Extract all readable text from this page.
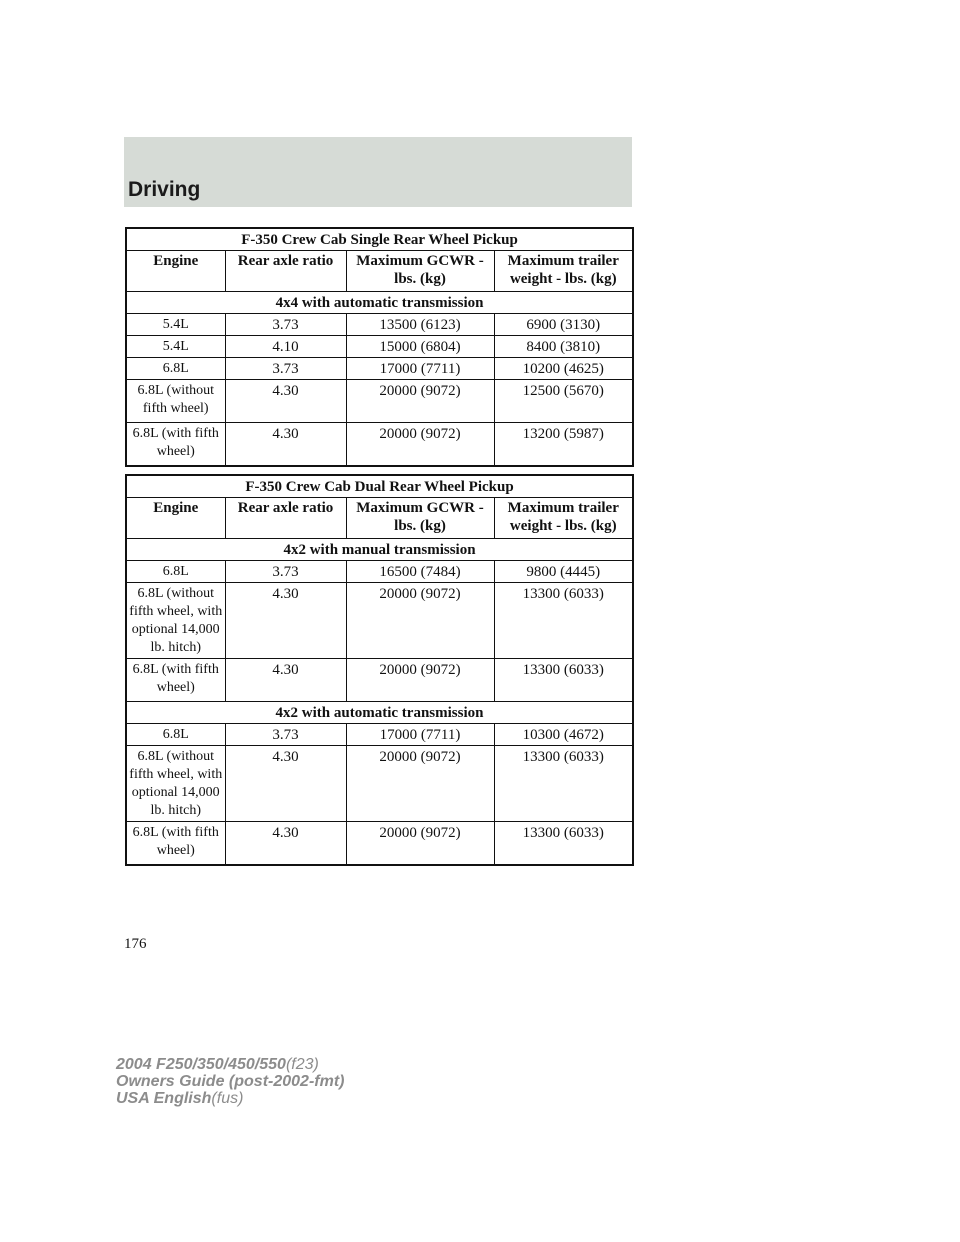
Driving
F-350 Crew Cab Single Rear Wheel Pickup			
Engine	Rear axle ratio	Maximum GCWR - lbs. (kg)	Maximum trailer weight - lbs. (kg)
4x4 with automatic transmission			
5.4L	3.73	13500 (6123)	6900 (3130)
5.4L	4.10	15000 (6804)	8400 (3810)
6.8L	3.73	17000 (7711)	10200 (4625)
6.8L (without fifth wheel)	4.30	20000 (9072)	12500 (5670)
6.8L (with fifth wheel)	4.30	20000 (9072)	13200 (5987)
F-350 Crew Cab Dual Rear Wheel Pickup			
Engine	Rear axle ratio	Maximum GCWR - lbs. (kg)	Maximum trailer weight - lbs. (kg)
4x2 with manual transmission			
6.8L	3.73	16500 (7484)	9800 (4445)
6.8L (without fifth wheel, with optional 14,000 lb. hitch)	4.30	20000 (9072)	13300 (6033)
6.8L (with fifth wheel)	4.30	20000 (9072)	13300 (6033)
4x2 with automatic transmission			
6.8L	3.73	17000 (7711)	10300 (4672)
6.8L (without fifth wheel, with optional 14,000 lb. hitch)	4.30	20000 (9072)	13300 (6033)
6.8L (with fifth wheel)	4.30	20000 (9072)	13300 (6033)
176
2004 F250/350/450/550(f23)
Owners Guide (post-2002-fmt)
USA English(fus)
